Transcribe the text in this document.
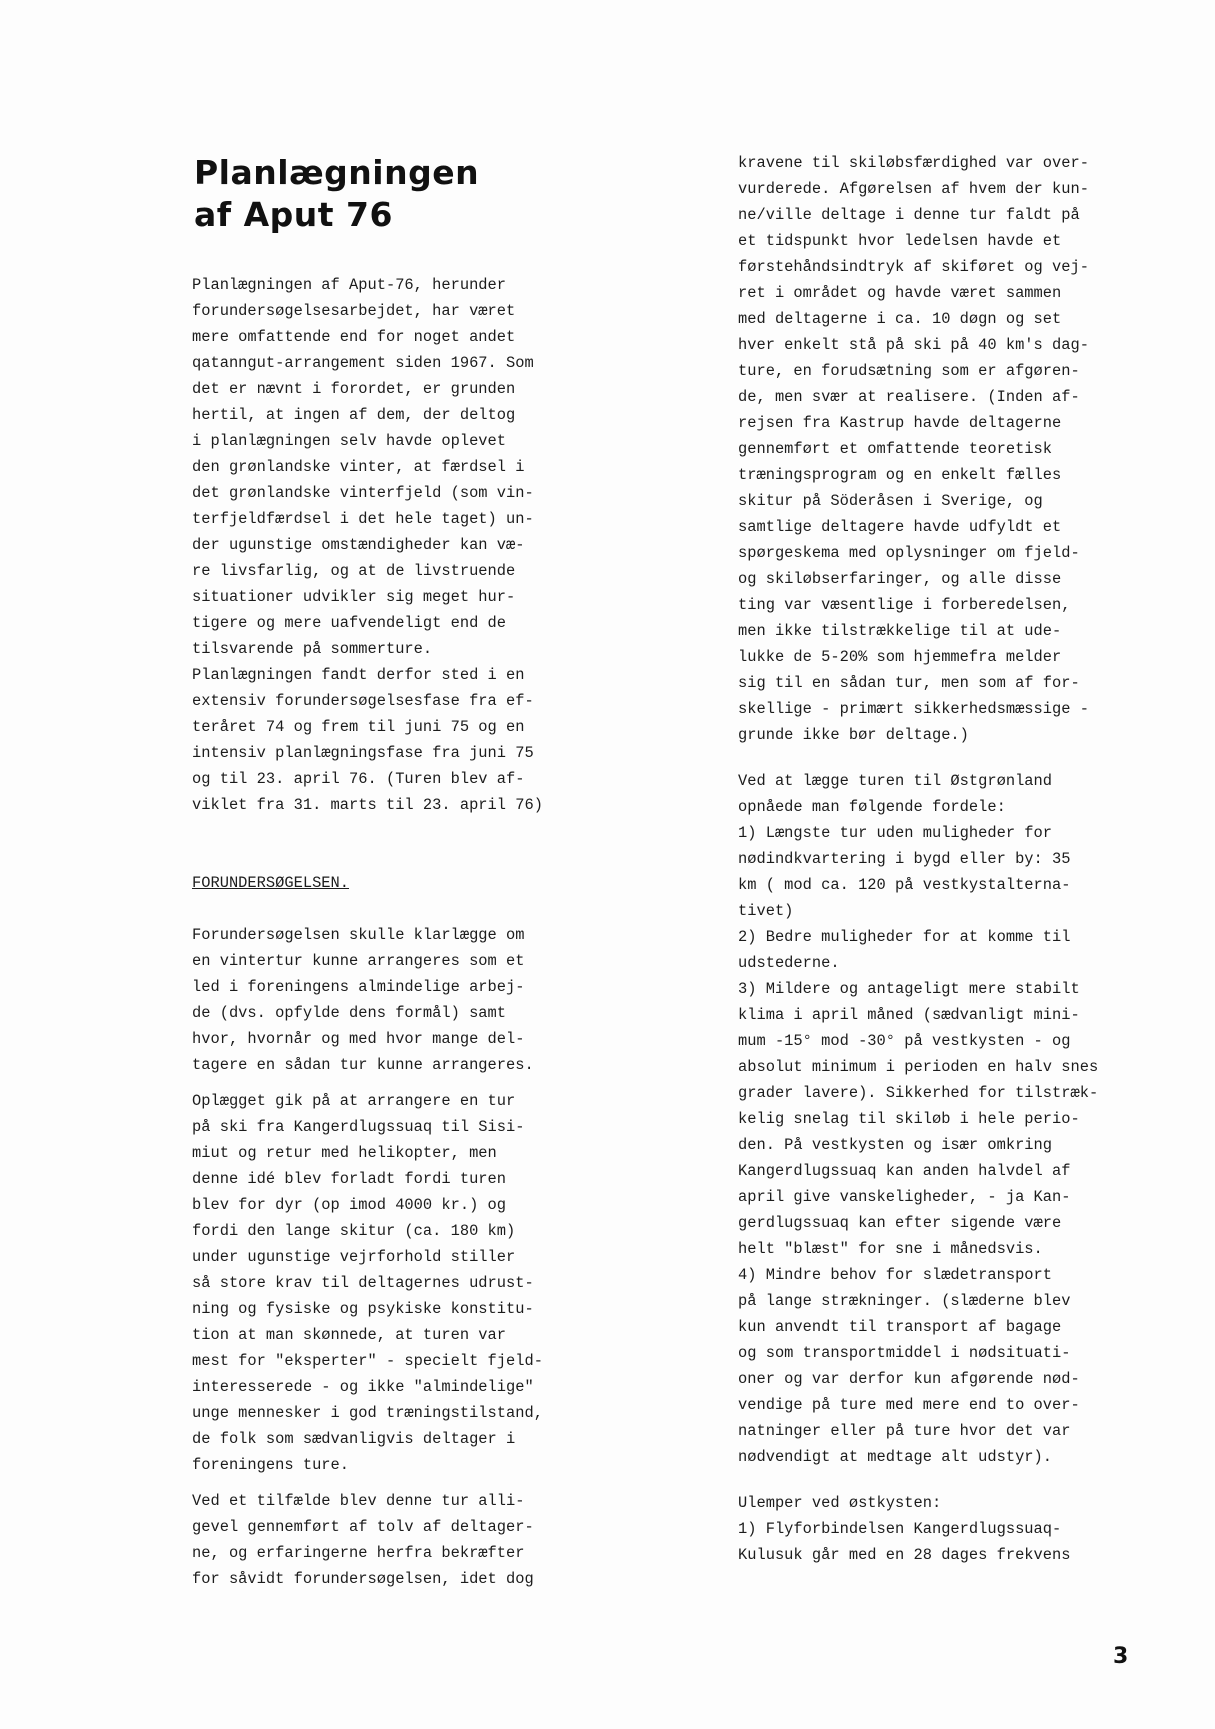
Planlægningen
af Aput 76
Planlægningen af Aput-76, herunder
forundersøgelsesarbejdet, har været
mere omfattende end for noget andet
qatanngut-arrangement siden 1967. Som
det er nævnt i forordet, er grunden
hertil, at ingen af dem, der deltog
i planlægningen selv havde oplevet
den grønlandske vinter, at færdsel i
det grønlandske vinterfjeld (som vin-
terfjeldfærdsel i det hele taget) un-
der ugunstige omstændigheder kan væ-
re livsfarlig, og at de livstruende
situationer udvikler sig meget hur-
tigere og mere uafvendeligt end de
tilsvarende på sommerture.
Planlægningen fandt derfor sted i en
extensiv forundersøgelsesfase fra ef-
teråret 74 og frem til juni 75 og en
intensiv planlægningsfase fra juni 75
og til 23. april 76. (Turen blev af-
viklet fra 31. marts til 23. april 76)
FORUNDERSØGELSEN.
Forundersøgelsen skulle klarlægge om
en vintertur kunne arrangeres som et
led i foreningens almindelige arbej-
de (dvs. opfylde dens formål) samt
hvor, hvornår og med hvor mange del-
tagere en sådan tur kunne arrangeres.
Oplægget gik på at arrangere en tur
på ski fra Kangerdlugssuaq til Sisi-
miut og retur med helikopter, men
denne idé blev forladt fordi turen
blev for dyr (op imod 4000 kr.) og
fordi den lange skitur (ca. 180 km)
under ugunstige vejrforhold stiller
så store krav til deltagernes udrust-
ning og fysiske og psykiske konstitu-
tion at man skønnede, at turen var
mest for "eksperter" - specielt fjeld-
interesserede - og ikke "almindelige"
unge mennesker i god træningstilstand,
de folk som sædvanligvis deltager i
foreningens ture.
Ved et tilfælde blev denne tur alli-
gevel gennemført af tolv af deltager-
ne, og erfaringerne herfra bekræfter
for såvidt forundersøgelsen, idet dog
kravene til skiløbsfærdighed var over-
vurderede. Afgørelsen af hvem der kun-
ne/ville deltage i denne tur faldt på
et tidspunkt hvor ledelsen havde et
førstehåndsindtryk af skiføret og vej-
ret i området og havde været sammen
med deltagerne i ca. 10 døgn og set
hver enkelt stå på ski på 40 km's dag-
ture, en forudsætning som er afgøren-
de, men svær at realisere. (Inden af-
rejsen fra Kastrup havde deltagerne
gennemført et omfattende teoretisk
træningsprogram og en enkelt fælles
skitur på Söderåsen i Sverige, og
samtlige deltagere havde udfyldt et
spørgeskema med oplysninger om fjeld-
og skiløbserfaringer, og alle disse
ting var væsentlige i forberedelsen,
men ikke tilstrækkelige til at ude-
lukke de 5-20% som hjemmefra melder
sig til en sådan tur, men som af for-
skellige - primært sikkerhedsmæssige -
grunde ikke bør deltage.)
Ved at lægge turen til Østgrønland
opnåede man følgende fordele:
1) Længste tur uden muligheder for
nødindkvartering i bygd eller by: 35
km ( mod ca. 120 på vestkystalterna-
tivet)
2) Bedre muligheder for at komme til
udstederne.
3) Mildere og antageligt mere stabilt
klima i april måned (sædvanligt mini-
mum -15° mod -30° på vestkysten - og
absolut minimum i perioden en halv snes
grader lavere). Sikkerhed for tilstræk-
kelig snelag til skiløb i hele perio-
den. På vestkysten og især omkring
Kangerdlugssuaq kan anden halvdel af
april give vanskeligheder, - ja Kan-
gerdlugssuaq kan efter sigende være
helt "blæst" for sne i månedsvis.
4) Mindre behov for slædetransport
på lange strækninger. (slæderne blev
kun anvendt til transport af bagage
og som transportmiddel i nødsituati-
oner og var derfor kun afgørende nød-
vendige på ture med mere end to over-
natninger eller på ture hvor det var
nødvendigt at medtage alt udstyr).
Ulemper ved østkysten:
1) Flyforbindelsen Kangerdlugssuaq-
Kulusuk går med en 28 dages frekvens
3
